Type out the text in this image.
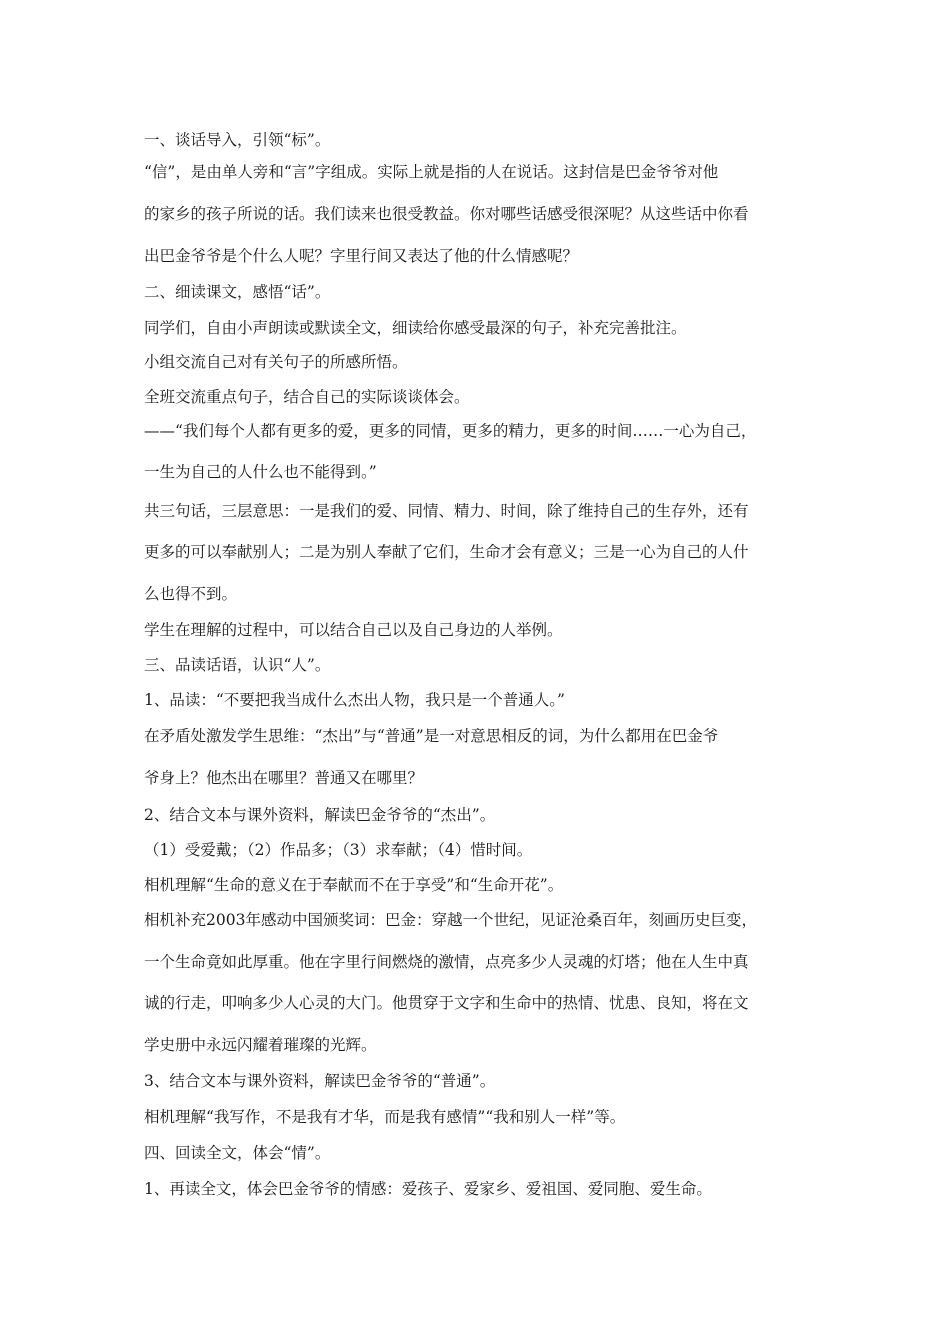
一、谈话导入，引领“标”。
“信”，是由单人旁和“言”字组成。实际上就是指的人在说话。这封信是巴金爷爷对他
的家乡的孩子所说的话。我们读来也很受教益。你对哪些话感受很深呢？从这些话中你看
出巴金爷爷是个什么人呢？字里行间又表达了他的什么情感呢？
二、细读课文，感悟“话”。
同学们，自由小声朗读或默读全文，细读给你感受最深的句子，补充完善批注。
小组交流自己对有关句子的所感所悟。
全班交流重点句子，结合自己的实际谈谈体会。
——“我们每个人都有更多的爱，更多的同情，更多的精力，更多的时间……一心为自己，
一生为自己的人什么也不能得到。”
共三句话，三层意思：一是我们的爱、同情、精力、时间，除了维持自己的生存外，还有
更多的可以奉献别人；二是为别人奉献了它们，生命才会有意义；三是一心为自己的人什
么也得不到。
学生在理解的过程中，可以结合自己以及自己身边的人举例。
三、品读话语，认识“人”。
1、品读：“不要把我当成什么杰出人物，我只是一个普通人。”
在矛盾处激发学生思维：“杰出”与“普通”是一对意思相反的词，为什么都用在巴金爷
爷身上？他杰出在哪里？普通又在哪里？
2、结合文本与课外资料，解读巴金爷爷的“杰出”。
（1）受爱戴；（2）作品多；（3）求奉献；（4）惜时间。
相机理解“生命的意义在于奉献而不在于享受”和“生命开花”。
相机补充2003年感动中国颁奖词：巴金：穿越一个世纪，见证沧桑百年，刻画历史巨变，
一个生命竟如此厚重。他在字里行间燃烧的激情，点亮多少人灵魂的灯塔；他在人生中真
诚的行走，叩响多少人心灵的大门。他贯穿于文字和生命中的热情、忧患、良知，将在文
学史册中永远闪耀着璀璨的光辉。
3、结合文本与课外资料，解读巴金爷爷的“普通”。
相机理解“我写作，不是我有才华，而是我有感情”“我和别人一样”等。
四、回读全文，体会“情”。
1、再读全文，体会巴金爷爷的情感：爱孩子、爱家乡、爱祖国、爱同胞、爱生命。
